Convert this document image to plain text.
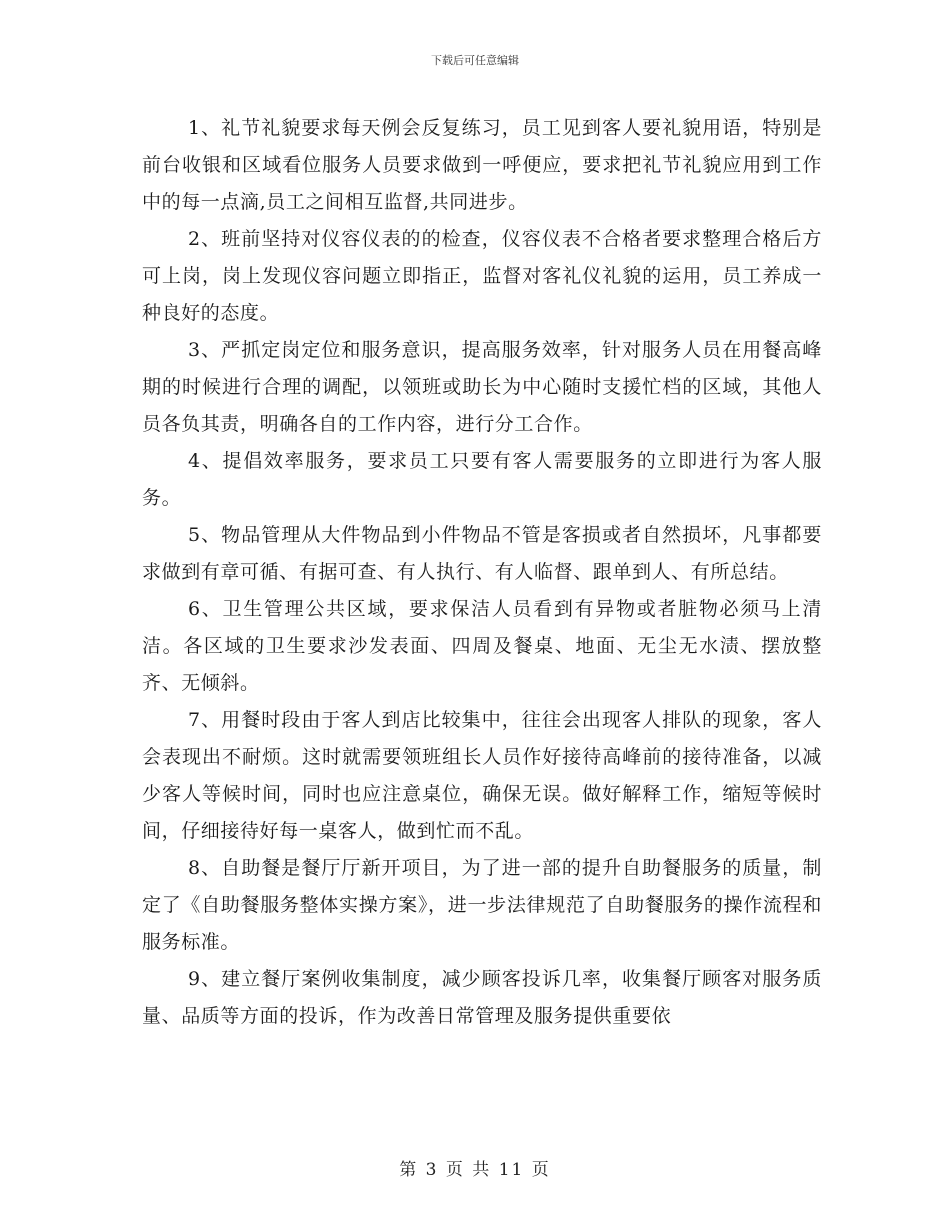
下载后可任意编辑

1、礼节礼貌要求每天例会反复练习，员工见到客人要礼貌用语，特别是前台收银和区域看位服务人员要求做到一呼便应，要求把礼节礼貌应用到工作中的每一点滴,员工之间相互监督,共同进步。

2、班前坚持对仪容仪表的的检查，仪容仪表不合格者要求整理合格后方可上岗，岗上发现仪容问题立即指正，监督对客礼仪礼貌的运用，员工养成一种良好的态度。

3、严抓定岗定位和服务意识，提高服务效率，针对服务人员在用餐高峰期的时候进行合理的调配，以领班或助长为中心随时支援忙档的区域，其他人员各负其责，明确各自的工作内容，进行分工合作。

4、提倡效率服务，要求员工只要有客人需要服务的立即进行为客人服务。

5、物品管理从大件物品到小件物品不管是客损或者自然损坏，凡事都要求做到有章可循、有据可查、有人执行、有人临督、跟单到人、有所总结。

6、卫生管理公共区域，要求保洁人员看到有异物或者脏物必须马上清洁。各区域的卫生要求沙发表面、四周及餐桌、地面、无尘无水渍、摆放整齐、无倾斜。

7、用餐时段由于客人到店比较集中，往往会出现客人排队的现象，客人会表现出不耐烦。这时就需要领班组长人员作好接待高峰前的接待准备，以减少客人等候时间，同时也应注意桌位，确保无误。做好解释工作，缩短等候时间，仔细接待好每一桌客人，做到忙而不乱。

8、自助餐是餐厅厅新开项目，为了进一部的提升自助餐服务的质量，制定了《自助餐服务整体实操方案》，进一步法律规范了自助餐服务的操作流程和服务标准。

9、建立餐厅案例收集制度，减少顾客投诉几率，收集餐厅顾客对服务质量、品质等方面的投诉，作为改善日常管理及服务提供重要依

第 3 页 共 11 页
